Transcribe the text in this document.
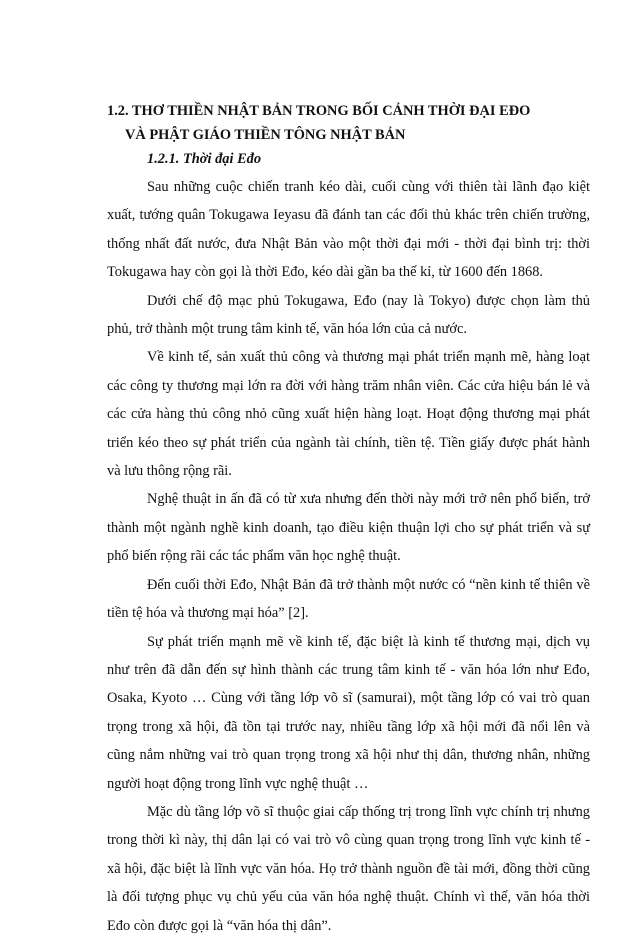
1.2. THƠ THIỀN NHẬT BẢN TRONG BỐI CẢNH THỜI ĐẠI EĐO

VÀ PHẬT GIÁO THIỀN TÔNG NHẬT BẢN

1.2.1. Thời đại Eđo

Sau những cuộc chiến tranh kéo dài, cuối cùng với thiên tài lãnh đạo kiệt xuất, tướng quân Tokugawa Ieyasu đã đánh tan các đối thủ khác trên chiến trường, thống nhất đất nước, đưa Nhật Bản vào một thời đại mới - thời đại bình trị: thời Tokugawa hay còn gọi là thời Eđo, kéo dài gần ba thế kỉ, từ 1600 đến 1868.

Dưới chế độ mạc phủ Tokugawa, Eđo (nay là Tokyo) được chọn làm thủ phủ, trở thành một trung tâm kinh tế, văn hóa lớn của cả nước.

Về kinh tế, sản xuất thủ công và thương mại phát triển mạnh mẽ, hàng loạt các công ty thương mại lớn ra đời với hàng trăm nhân viên. Các cửa hiệu bán lẻ và các cửa hàng thủ công nhỏ cũng xuất hiện hàng loạt. Hoạt động thương mại phát triển kéo theo sự phát triển của ngành tài chính, tiền tệ. Tiền giấy được phát hành và lưu thông rộng rãi.

Nghệ thuật in ấn đã có từ xưa nhưng đến thời này mới trở nên phổ biến, trở thành một ngành nghề kinh doanh, tạo điều kiện thuận lợi cho sự phát triển và sự phổ biến rộng rãi các tác phẩm văn học nghệ thuật.

Đến cuối thời Eđo, Nhật Bản đã trở thành một nước có “nền kinh tế thiên về tiền tệ hóa và thương mại hóa” [2].

Sự phát triển mạnh mẽ về kinh tế, đặc biệt là kinh tế thương mại, dịch vụ như trên đã dẫn đến sự hình thành các trung tâm kinh tế - văn hóa lớn như Eđo, Osaka, Kyoto … Cùng với tầng lớp võ sĩ (samurai), một tầng lớp có vai trò quan trọng trong xã hội, đã tồn tại trước nay, nhiều tầng lớp xã hội mới đã nổi lên và cũng nắm những vai trò quan trọng trong xã hội như thị dân, thương nhân, những người hoạt động trong lĩnh vực nghệ thuật …

Mặc dù tầng lớp võ sĩ thuộc giai cấp thống trị trong lĩnh vực chính trị nhưng trong thời kì này, thị dân lại có vai trò vô cùng quan trọng trong lĩnh vực kinh tế - xã hội, đặc biệt là lĩnh vực văn hóa. Họ trở thành nguồn đề tài mới, đồng thời cũng là đối tượng phục vụ chủ yếu của văn hóa nghệ thuật. Chính vì thế, văn hóa thời Eđo còn được gọi là “văn hóa thị dân”.
